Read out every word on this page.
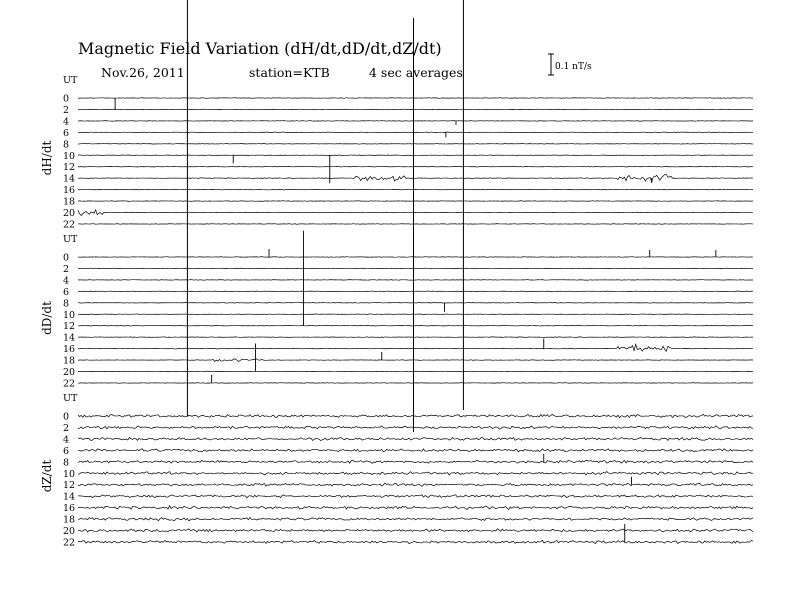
Magnetic Field Variation (dH/dt,dD/dt,dZ/dt)
Nov.26, 2011	station=KTB	4 sec averages	0.1 nT/s
UT
dH/dt
0
2
4
6
8
10
12
14
16
18
20
22
UT
dD/dt
0
2
4
6
8
10
12
14
16
18
20
22
UT
dZ/dt
0
2
4
6
8
10
12
14
16
18
20
22
